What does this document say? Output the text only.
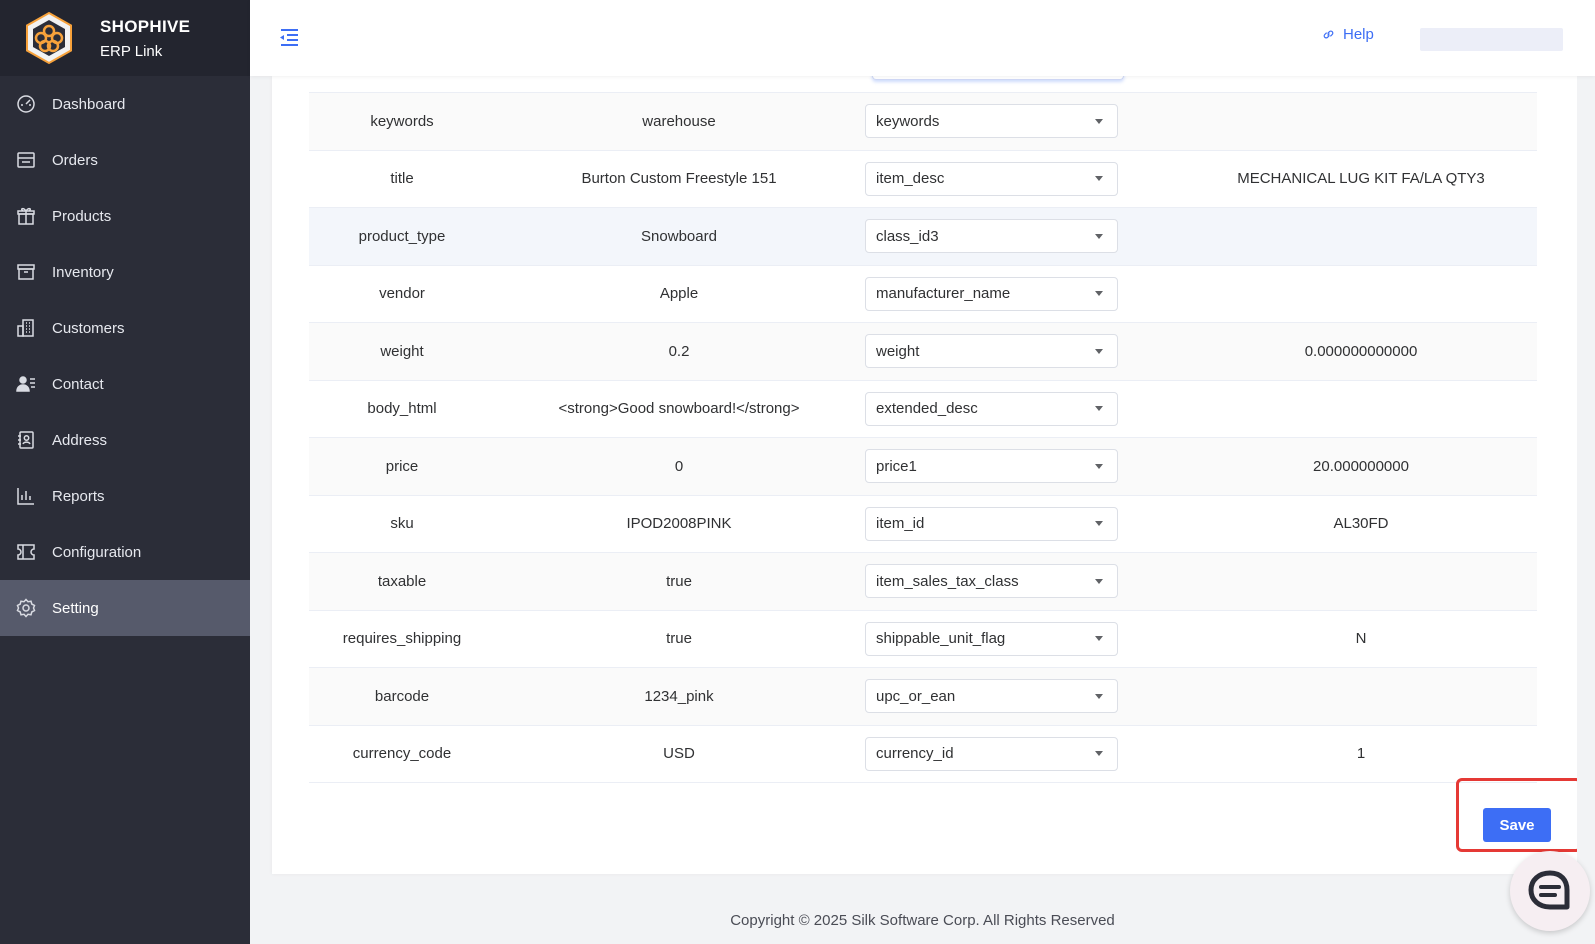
SHOPHIVE
ERP Link
Dashboard
Orders
Products
Inventory
Customers
Contact
Address
Reports
Configuration
Setting
Help
keywords	warehouse	keywords
title	Burton Custom Freestyle 151	item_desc	MECHANICAL LUG KIT FA/LA QTY3
product_type	Snowboard	class_id3
vendor	Apple	manufacturer_name
weight	0.2	weight	0.000000000000
body_html	<strong>Good snowboard!</strong>	extended_desc
price	0	price1	20.000000000
sku	IPOD2008PINK	item_id	AL30FD
taxable	true	item_sales_tax_class
requires_shipping	true	shippable_unit_flag	N
barcode	1234_pink	upc_or_ean
currency_code	USD	currency_id	1
Save
Copyright © 2025 Silk Software Corp. All Rights Reserved
